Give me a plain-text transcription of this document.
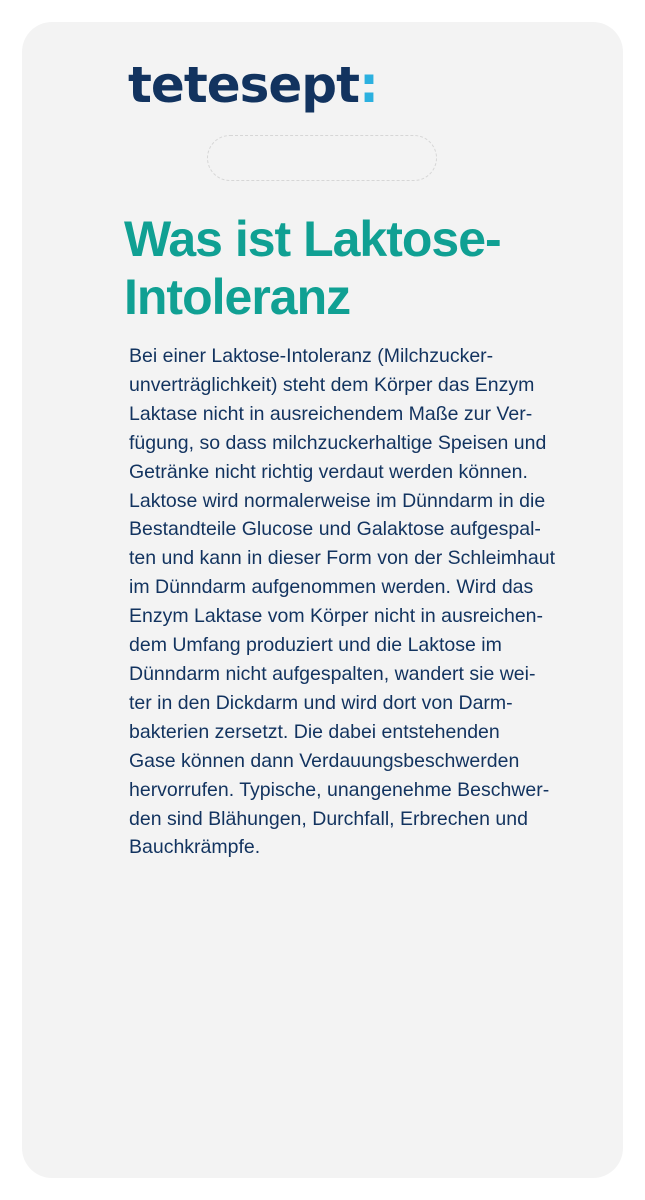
tetesept:
Was ist Laktose-
Intoleranz

Bei einer Laktose-Intoleranz (Milchzucker-
unverträglichkeit) steht dem Körper das Enzym
Laktase nicht in ausreichendem Maße zur Ver-
fügung, so dass milchzuckerhaltige Speisen und
Getränke nicht richtig verdaut werden können.
Laktose wird normalerweise im Dünndarm in die
Bestandteile Glucose und Galaktose aufgespal-
ten und kann in dieser Form von der Schleimhaut
im Dünndarm aufgenommen werden. Wird das
Enzym Laktase vom Körper nicht in ausreichen-
dem Umfang produziert und die Laktose im
Dünndarm nicht aufgespalten, wandert sie wei-
ter in den Dickdarm und wird dort von Darm-
bakterien zersetzt. Die dabei entstehenden
Gase können dann Verdauungsbeschwerden
hervorrufen. Typische, unangenehme Beschwer-
den sind Blähungen, Durchfall, Erbrechen und
Bauchkrämpfe.
